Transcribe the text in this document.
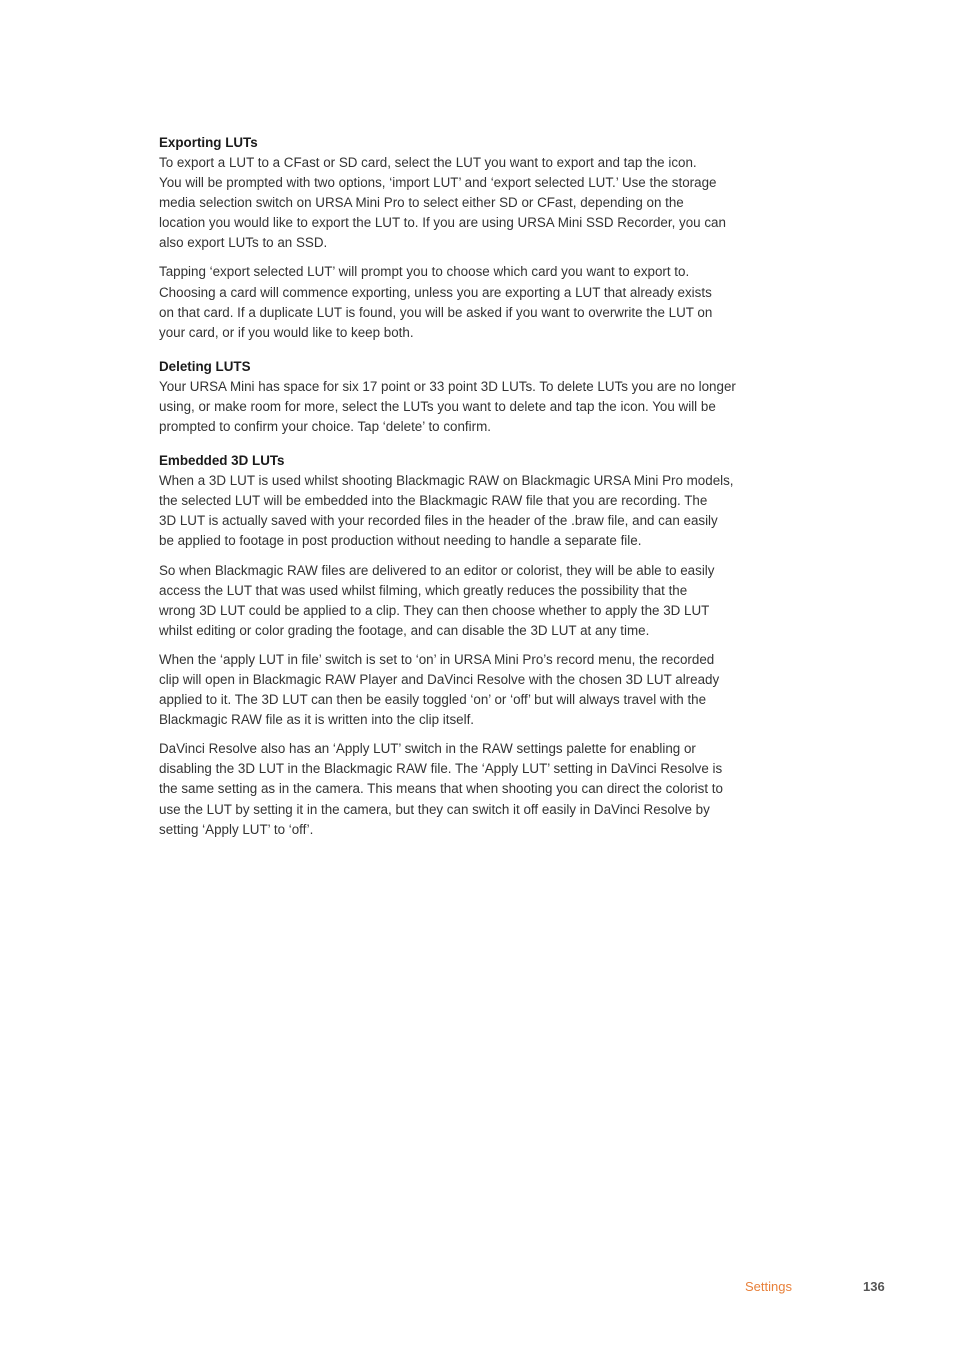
Exporting LUTs

To export a LUT to a CFast or SD card, select the LUT you want to export and tap the icon.
You will be prompted with two options, ‘import LUT’ and ‘export selected LUT.’ Use the storage
media selection switch on URSA Mini Pro to select either SD or CFast, depending on the
location you would like to export the LUT to. If you are using URSA Mini SSD Recorder, you can
also export LUTs to an SSD.

Tapping ‘export selected LUT’ will prompt you to choose which card you want to export to.
Choosing a card will commence exporting, unless you are exporting a LUT that already exists
on that card. If a duplicate LUT is found, you will be asked if you want to overwrite the LUT on
your card, or if you would like to keep both.

Deleting LUTS

Your URSA Mini has space for six 17 point or 33 point 3D LUTs. To delete LUTs you are no longer
using, or make room for more, select the LUTs you want to delete and tap the icon. You will be
prompted to confirm your choice. Tap ‘delete’ to confirm.

Embedded 3D LUTs

When a 3D LUT is used whilst shooting Blackmagic RAW on Blackmagic URSA Mini Pro models,
the selected LUT will be embedded into the Blackmagic RAW file that you are recording. The
3D LUT is actually saved with your recorded files in the header of the .braw file, and can easily
be applied to footage in post production without needing to handle a separate file.

So when Blackmagic RAW files are delivered to an editor or colorist, they will be able to easily
access the LUT that was used whilst filming, which greatly reduces the possibility that the
wrong 3D LUT could be applied to a clip. They can then choose whether to apply the 3D LUT
whilst editing or color grading the footage, and can disable the 3D LUT at any time.

When the ‘apply LUT in file’ switch is set to ‘on’ in URSA Mini Pro’s record menu, the recorded
clip will open in Blackmagic RAW Player and DaVinci Resolve with the chosen 3D LUT already
applied to it. The 3D LUT can then be easily toggled ‘on’ or ‘off’ but will always travel with the
Blackmagic RAW file as it is written into the clip itself.

DaVinci Resolve also has an ‘Apply LUT’ switch in the RAW settings palette for enabling or
disabling the 3D LUT in the Blackmagic RAW file. The ‘Apply LUT’ setting in DaVinci Resolve is
the same setting as in the camera. This means that when shooting you can direct the colorist to
use the LUT by setting it in the camera, but they can switch it off easily in DaVinci Resolve by
setting ‘Apply LUT’ to ‘off’.

Settings	136
